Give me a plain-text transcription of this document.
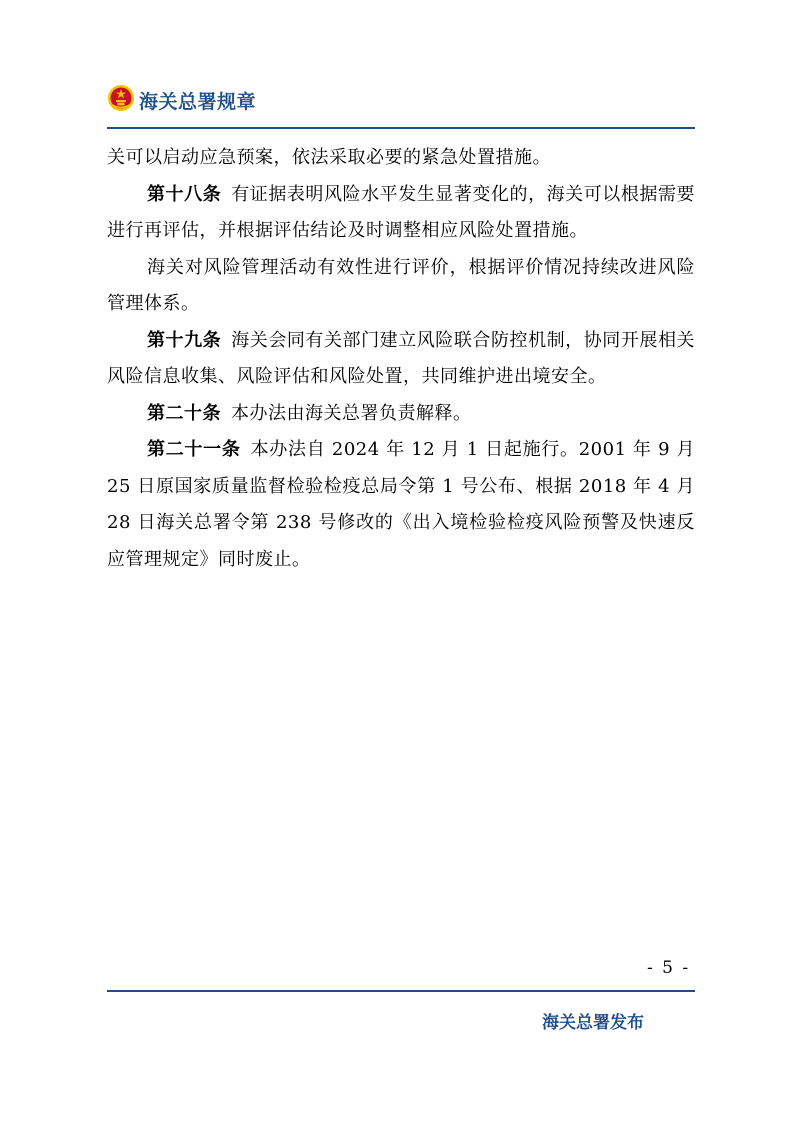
海关总署规章

关可以启动应急预案，依法采取必要的紧急处置措施。

第十八条 有证据表明风险水平发生显著变化的，海关可以根据需要进行再评估，并根据评估结论及时调整相应风险处置措施。

海关对风险管理活动有效性进行评价，根据评价情况持续改进风险管理体系。

第十九条 海关会同有关部门建立风险联合防控机制，协同开展相关风险信息收集、风险评估和风险处置，共同维护进出境安全。

第二十条 本办法由海关总署负责解释。

第二十一条 本办法自 2024 年 12 月 1 日起施行。2001 年 9 月 25 日原国家质量监督检验检疫总局令第 1 号公布、根据 2018 年 4 月 28 日海关总署令第 238 号修改的《出入境检验检疫风险预警及快速反应管理规定》同时废止。

- 5 -
海关总署发布
